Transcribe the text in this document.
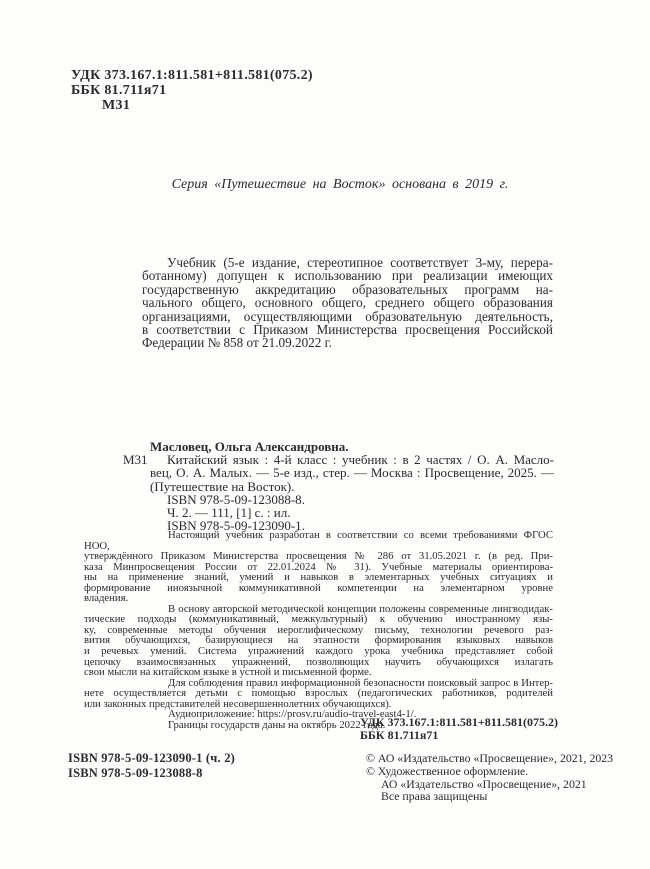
УДК 373.167.1:811.581+811.581(075.2)
ББК 81.711я71
М31
Серия «Путешествие на Восток» основана в 2019 г.
Учебник (5-е издание, стереотипное соответствует 3-му, перера-
ботанному) допущен к использованию при реализации имеющих
государственную аккредитацию образовательных программ на-
чального общего, основного общего, среднего общего образования
организациями, осуществляющими образовательную деятельность,
в соответствии с Приказом Министерства просвещения Российской
Федерации № 858 от 21.09.2022 г.
М31
Масловец, Ольга Александровна.
Китайский язык : 4-й класс : учебник : в 2 частях / О. А. Масло-
вец, О. А. Малых. — 5-е изд., стер. — Москва : Просвещение, 2025. —
(Путешествие на Восток).
ISBN 978-5-09-123088-8.
Ч. 2. — 111, [1] с. : ил.
ISBN 978-5-09-123090-1.
Настоящий учебник разработан в соответствии со всеми требованиями ФГОС НОО,
утверждённого Приказом Министерства просвещения № 286 от 31.05.2021 г. (в ред. При-
каза Минпросвещения России от 22.01.2024 № 31). Учебные материалы ориентирова-
ны на применение знаний, умений и навыков в элементарных учебных ситуациях и
формирование иноязычной коммуникативной компетенции на элементарном уровне
владения.
В основу авторской методической концепции положены современные лингводидак-
тические подходы (коммуникативный, межкультурный) к обучению иностранному язы-
ку, современные методы обучения иероглифическому письму, технологии речевого раз-
вития обучающихся, базирующиеся на этапности формирования языковых навыков
и речевых умений. Система упражнений каждого урока учебника представляет собой
цепочку взаимосвязанных упражнений, позволяющих научить обучающихся излагать
свои мысли на китайском языке в устной и письменной форме.
Для соблюдения правил информационной безопасности поисковый запрос в Интер-
нете осуществляется детьми с помощью взрослых (педагогических работников, родителей
или законных представителей несовершеннолетних обучающихся).
Аудиоприложение: https://prosv.ru/audio-travel-east4-1/.
Границы государств даны на октябрь 2022 года.
УДК 373.167.1:811.581+811.581(075.2)
ББК 81.711я71
ISBN 978-5-09-123090-1 (ч. 2)
ISBN 978-5-09-123088-8
© АО «Издательство «Просвещение», 2021, 2023
© Художественное оформление.
АО «Издательство «Просвещение», 2021
Все права защищены
